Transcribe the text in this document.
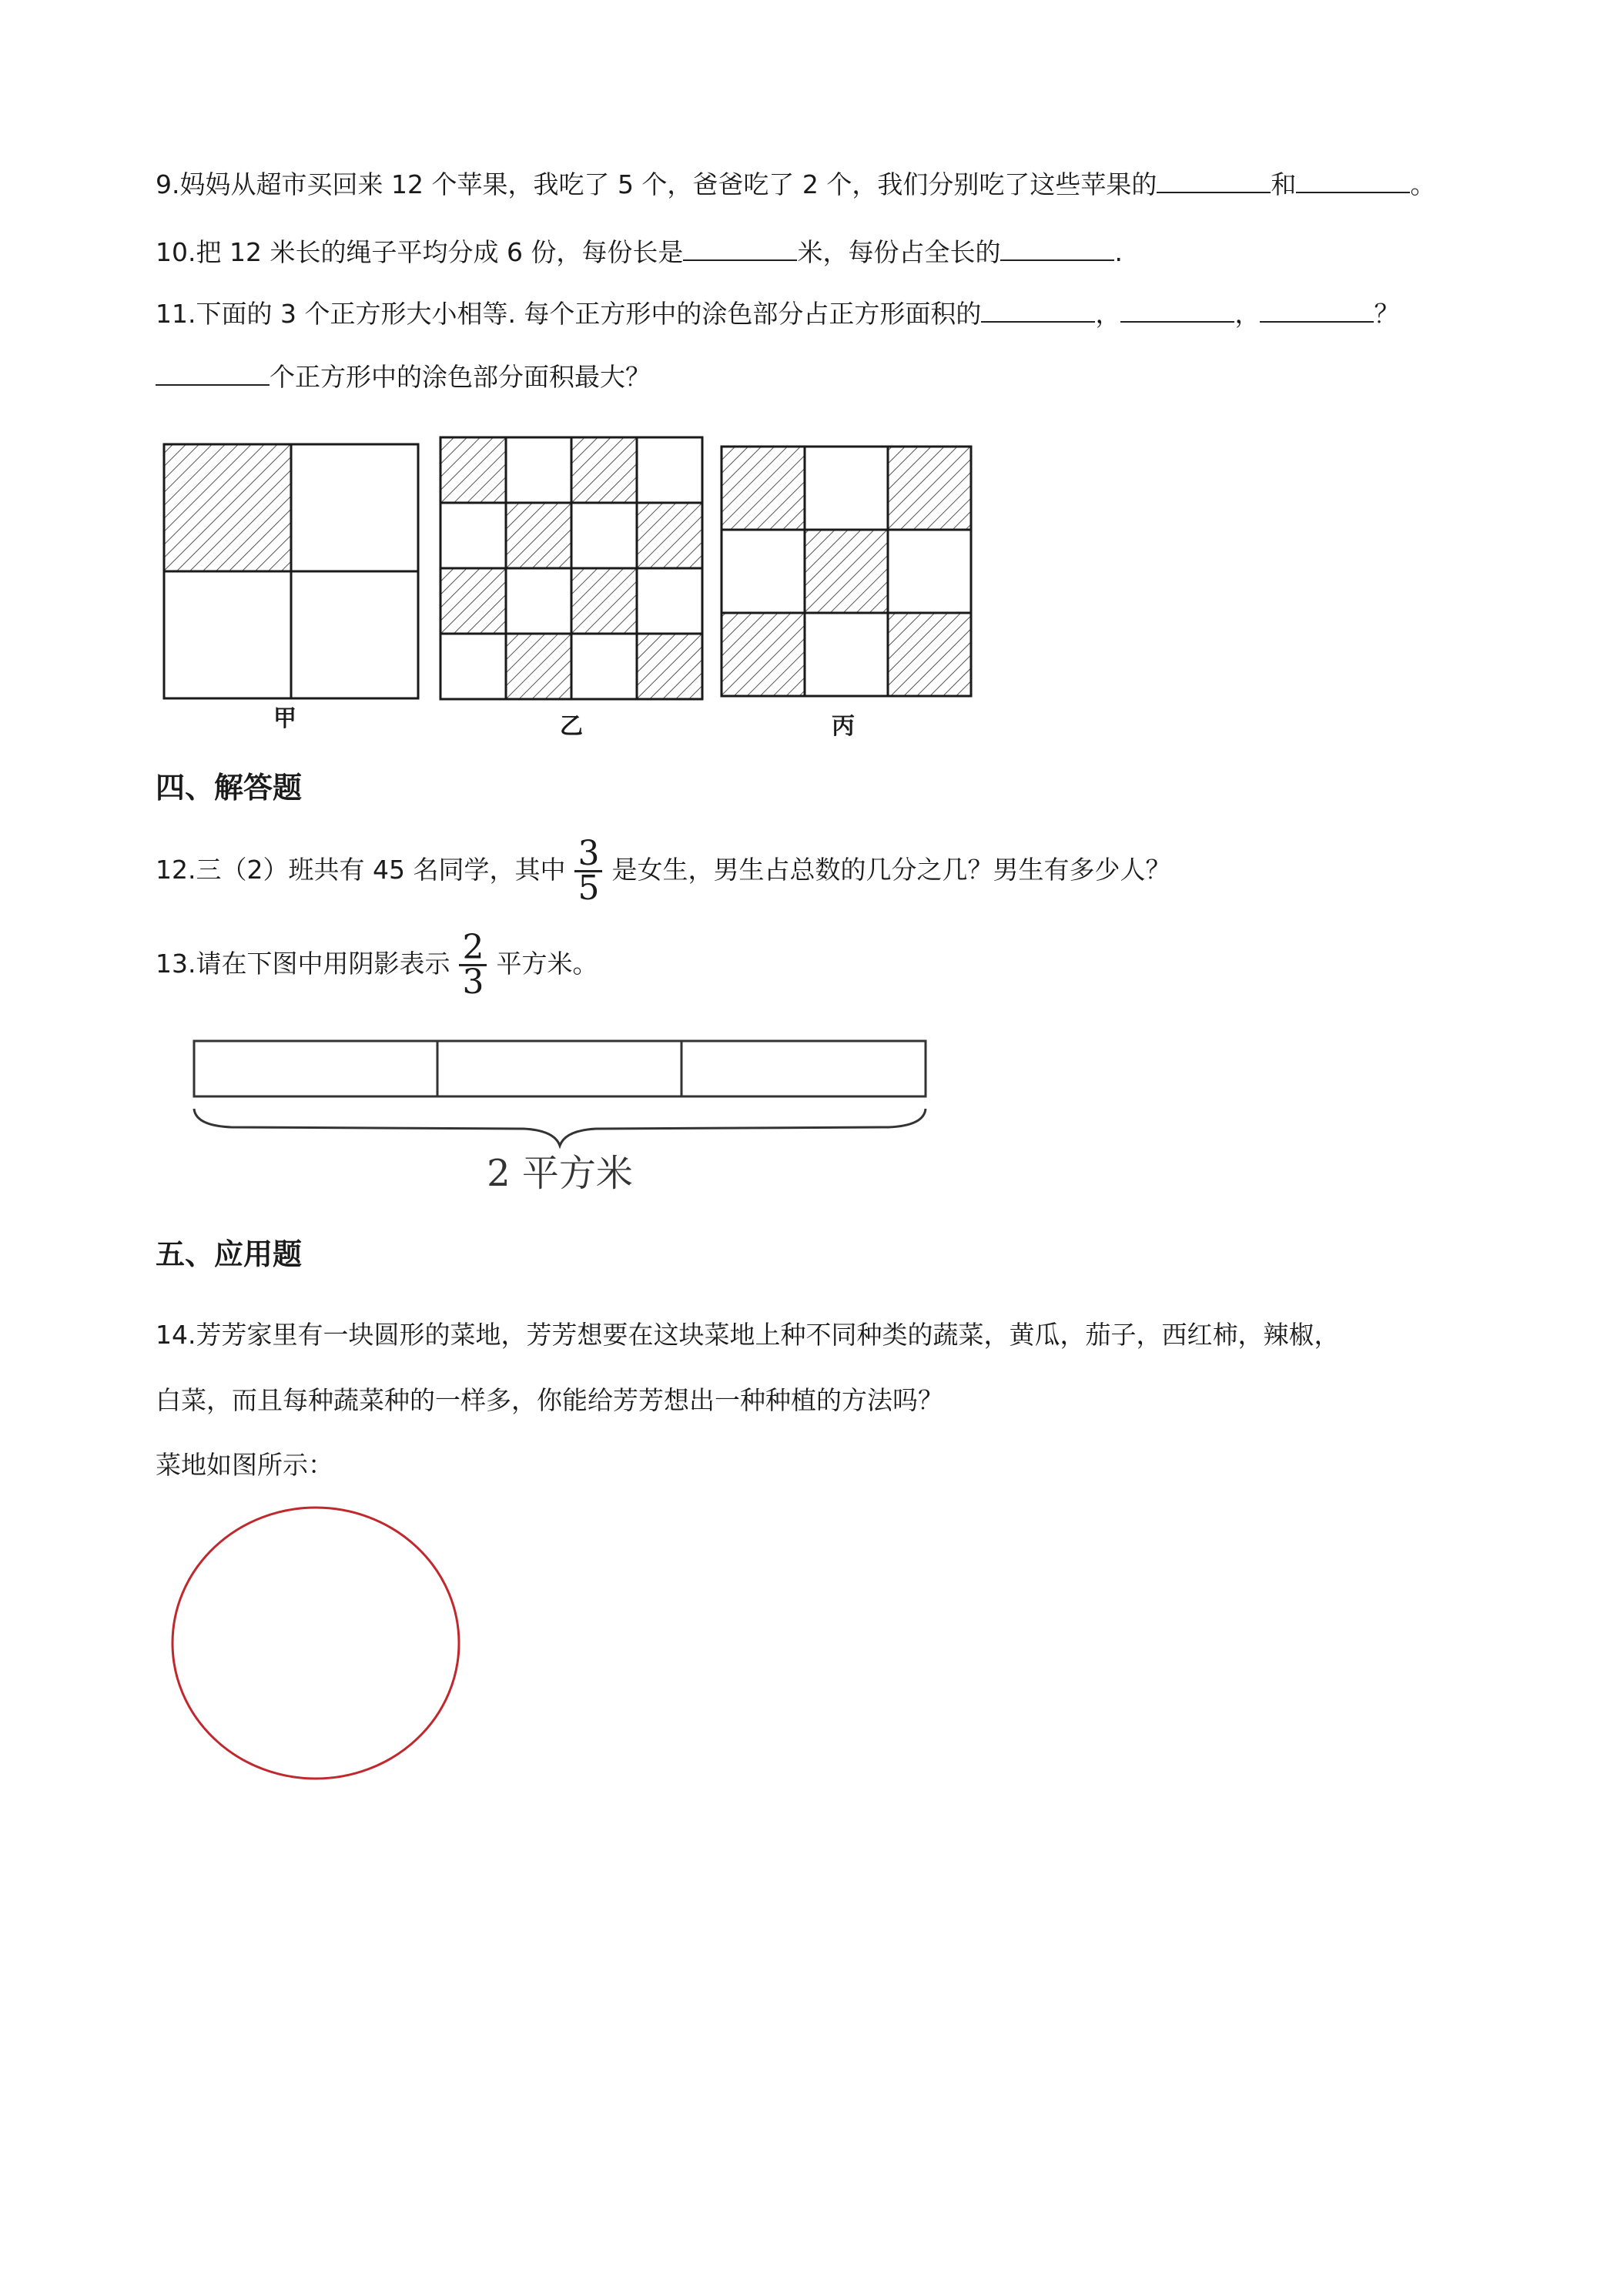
9.妈妈从超市买回来 12 个苹果，我吃了 5 个，爸爸吃了 2 个，我们分别吃了这些苹果的	和	。
10.把 12 米长的绳子平均分成 6 份，每份长是	米，每份占全长的	.
11.下面的 3 个正方形大小相等. 每个正方形中的涂色部分占正方形面积的	，	，	？
个正方形中的涂色部分面积最大？
甲	乙	丙
四、解答题
12.三（2）班共有 45 名同学，其中 $\frac{3}{5}$ 是女生，男生占总数的几分之几？男生有多少人？
13.请在下图中用阴影表示 $\frac{2}{3}$ 平方米。
2 平方米
五、应用题
14.芳芳家里有一块圆形的菜地，芳芳想要在这块菜地上种不同种类的蔬菜，黄瓜，茄子，西红柿，辣椒，
白菜，而且每种蔬菜种的一样多，你能给芳芳想出一种种植的方法吗？
菜地如图所示：
